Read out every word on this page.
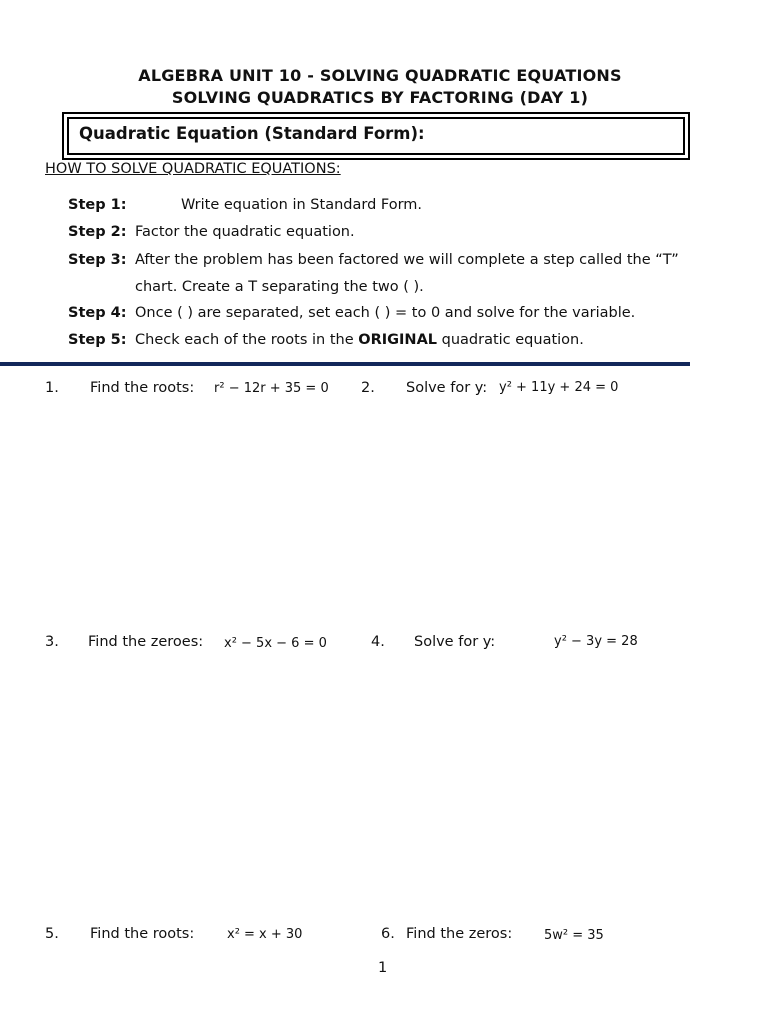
ALGEBRA UNIT 10 - SOLVING QUADRATIC EQUATIONS
SOLVING QUADRATICS BY FACTORING (DAY 1)
Quadratic Equation (Standard Form):
HOW TO SOLVE QUADRATIC EQUATIONS:
Step 1:	Write equation in Standard Form.
Step 2: Factor the quadratic equation.
Step 3: After the problem has been factored we will complete a step called the “T”
chart. Create a T separating the two ( ).
Step 4: Once ( ) are separated, set each ( ) = to 0 and solve for the variable.
Step 5: Check each of the roots in the ORIGINAL quadratic equation.
1. Find the roots: r² − 12r + 35 = 0 2. Solve for y: y² + 11y + 24 = 0
3. Find the zeroes: x² − 5x − 6 = 0	4. Solve for y:	y² − 3y = 28
5. Find the roots:	x² = x + 30	6. Find the zeros: 5w² = 35
1
